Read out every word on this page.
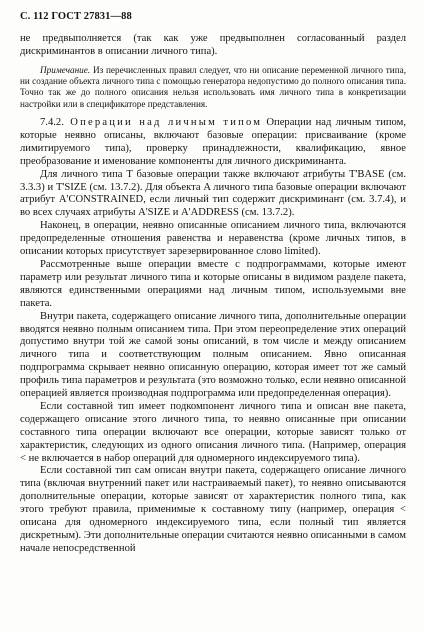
С. 112 ГОСТ 27831—88

не предвыполняется (так как уже предвыполнен согласованный раздел дискриминантов в описании личного типа).

Примечание. Из перечисленных правил следует, что ни описание переменной личного типа, ни создание объекта личного типа с помощью генератора недопустимо до полного описания типа. Точно так же до полного описания нельзя использовать имя личного типа в конкретизации настройки или в спецификаторе представления.

7.4.2. Операции над личным типом Операции над личным типом, которые неявно описаны, включают базовые операции: присваивание (кроме лимитируемого типа), проверку принадлежности, квалификацию, явное преобразование и именование компоненты для личного дискриминанта.

Для личного типа T базовые операции также включают атрибуты T'BASE (см. 3.3.3) и T'SIZE (см. 13.7.2). Для объекта A личного типа базовые операции включают атрибут A'CONSTRAINED, если личный тип содержит дискриминант (см. 3.7.4), и во всех случаях атрибуты A'SIZE и A'ADDRESS (см. 13.7.2).

Наконец, в операции, неявно описанные описанием личного типа, включаются предопределенные отношения равенства и неравенства (кроме личных типов, в описании которых присутствует зарезервированное слово limited).

Рассмотренные выше операции вместе с подпрограммами, которые имеют параметр или результат личного типа и которые описаны в видимом разделе пакета, являются единственными операциями над личным типом, используемыми вне пакета.

Внутри пакета, содержащего описание личного типа, дополнительные операции вводятся неявно полным описанием типа. При этом переопределение этих операций допустимо внутри той же самой зоны описаний, в том числе и между описанием личного типа и соответствующим полным описанием. Явно описанная подпрограмма скрывает неявно описанную операцию, которая имеет тот же самый профиль типа параметров и результата (это возможно только, если неявно описанной операцией является производная подпрограмма или предопределенная операция).

Если составной тип имеет подкомпонент личного типа и описан вне пакета, содержащего описание этого личного типа, то неявно описанные при описании составного типа операции включают все операции, которые зависят только от характеристик, следующих из одного описания личного типа. (Например, операция < не включается в набор операций для одномерного индексируемого типа).

Если составной тип сам описан внутри пакета, содержащего описание личного типа (включая внутренний пакет или настраиваемый пакет), то неявно описываются дополнительные операции, которые зависят от характеристик полного типа, как этого требуют правила, применимые к составному типу (например, операция < описана для одномерного индексируемого типа, если полный тип является дискретным). Эти дополнительные операции считаются неявно описанными в самом начале непосредственной
